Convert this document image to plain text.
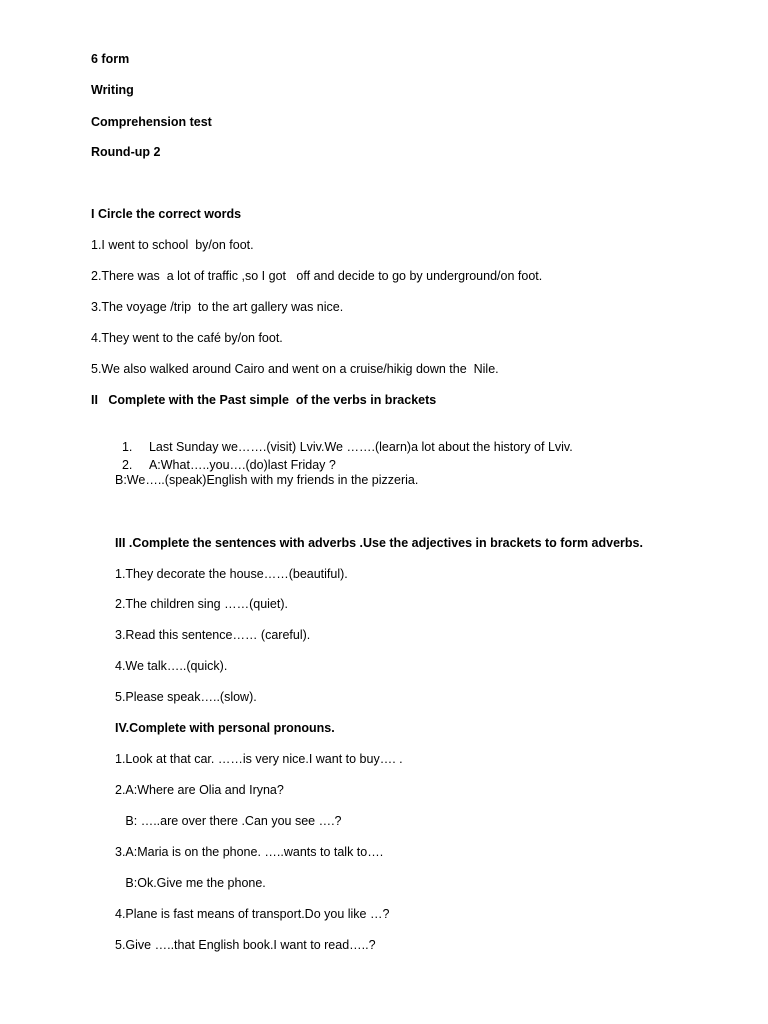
6 form
Writing
Comprehension test
Round-up 2
I Circle the correct words
1.I went to school  by/on foot.
2.There was  a lot of traffic ,so I got   off and decide to go by underground/on foot.
3.The voyage /trip  to the art gallery was nice.
4.They went to the café by/on foot.
5.We also walked around Cairo and went on a cruise/hikig down the  Nile.
II   Complete with the Past simple  of the verbs in brackets

1. Last Sunday we…….(visit) Lviv.We …….(learn)a lot about the history of Lviv.

2. A:What…..you….(do)last Friday ?

B:We…..(speak)English with my friends in the pizzeria.
III .Complete the sentences with adverbs .Use the adjectives in brackets to form adverbs.
1.They decorate the house……(beautiful).
2.The children sing ……(quiet).
3.Read this sentence…… (careful).
4.We talk…..(quick).
5.Please speak…..(slow).
IV.Complete with personal pronouns.
1.Look at that car. ……is very nice.I want to buy…. .
2.A:Where are Olia and Iryna?
B: …..are over there .Can you see ….?
3.A:Maria is on the phone. …..wants to talk to….
B:Ok.Give me the phone.
4.Plane is fast means of transport.Do you like …?
5.Give …..that English book.I want to read…..?
